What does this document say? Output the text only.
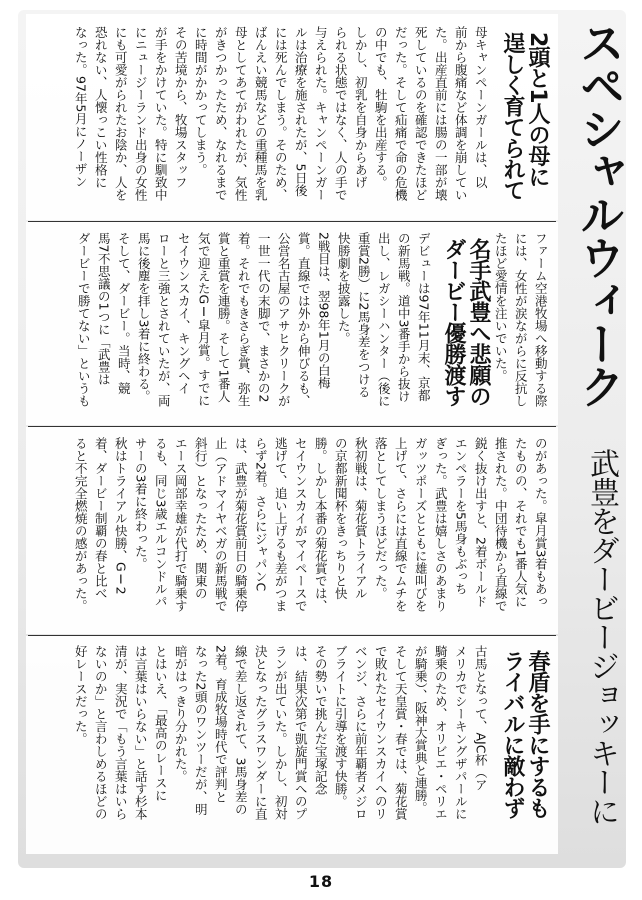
スペシャルウィーク
武豊をダービージョッキーに
2頭と1人の母に
逞しく育てられて
母キャンペーンガールは、以
前から腹痛など体調を崩してい
た。出産直前には腸の一部が壊
死しているのを確認できたほど
だった。そして疝痛で命の危機
の中でも、牡駒を出産する。
しかし、初乳を自身からあげ
られる状態ではなく、人の手で
与えられた。キャンペーンガー
ルは治療を施されたが、5日後
には死んでしまう。そのため、
ばんえい競馬などの重種馬を乳
母としてあてがわれたが、気性
がきつかったため、なれるまで
に時間がかかってしまう。
その苦境から、牧場スタッフ
が手をかけていた。特に馴致中
にニュージーランド出身の女性
にも可愛がられたお陰か、人を
恐れない、人懐っこい性格に
なった。97年5月にノーザン
ファーム空港牧場へ移動する際
には、女性が涙ながらに反抗し
たほど愛情を注いでいた。
名手武豊へ悲願の
ダービー優勝渡す
デビューは97年11月末、京都
の新馬戦。道中3番手から抜け
出し、レガシーハンター（後に
重賞2勝）に2馬身差をつける
快勝劇を披露した。
2戦目は、翌98年1月の白梅
賞。直線では外から伸びるも、
公営名古屋のアサヒクリークが
一世一代の末脚で、まさかの2
着。それでもきさらぎ賞、弥生
賞と重賞を連勝。そして1番人
気で迎えたGⅠ皐月賞。すでに
セイウンスカイ、キングヘイ
ローと三強とされていたが、両
馬に後塵を拝し3着に終わる。
そして、ダービー。当時、競
馬7不思議の1つに「武豊は
ダービーで勝てない」というも
のがあった。皐月賞3着もあっ
たものの、それでも1番人気に
推された。中団待機から直線で
鋭く抜け出すと、2着ボールド
エンペラーを5馬身もぶっち
ぎった。武豊は嬉しさのあまり
ガッツポーズとともに雄叫びを
上げて、さらには直線でムチを
落としてしまうほどだった。
秋初戦は、菊花賞トライアル
の京都新聞杯をきっちりと快
勝。しかし本番の菊花賞では、
セイウンスカイがマイペースで
逃げて、追い上げるも差がつま
らず2着。さらにジャパンC
は、武豊が菊花賞前日の騎乗停
止（アドマイヤベガの新馬戦で
斜行）となったため、関東の
エース岡部幸雄が代打で騎乗す
るも、同じ3歳エルコンドルパ
サーの3着に終わった。
秋はトライアル快勝、GⅠ2
着、ダービー制覇の春と比べ
ると不完全燃焼の感があった。
春盾を手にするも
ライバルに敵わず
古馬となって、AJC杯（ア
メリカでシーキングザパールに
騎乗のため、オリビエ・ペリエ
が騎乗）、阪神大賞典と連勝。
そして天皇賞・春では、菊花賞
で敗れたセイウンスカイへのリ
ベンジ、さらに前年覇者メジロ
ブライトに引導を渡す快勝。
その勢いで挑んだ宝塚記念
は、結果次第で凱旋門賞へのプ
ランが出ていた。しかし、初対
決となったグラスワンダーに直
線で差し返されて、3馬身差の
2着。育成牧場時代で評判と
なった2頭のワンツーだが、明
暗がはっきり分かれた。
とはいえ、「最高のレースに
は言葉はいらない」と話す杉本
清が、実況で「もう言葉はいら
ないのか」と言わしめるほどの
好レースだった。
18
